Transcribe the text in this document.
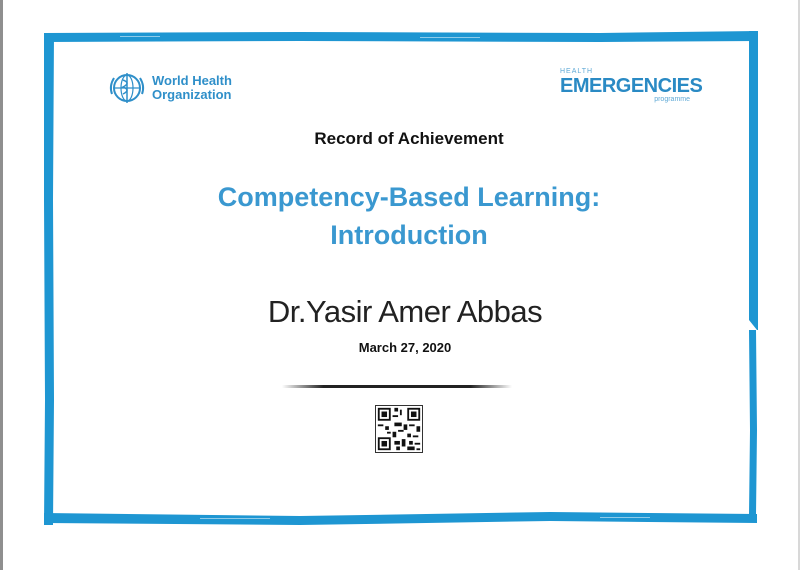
World Health
Organization
HEALTH
EMERGENCIES
programme
Record of Achievement
Competency-Based Learning:
Introduction
Dr.Yasir Amer Abbas
March 27, 2020
